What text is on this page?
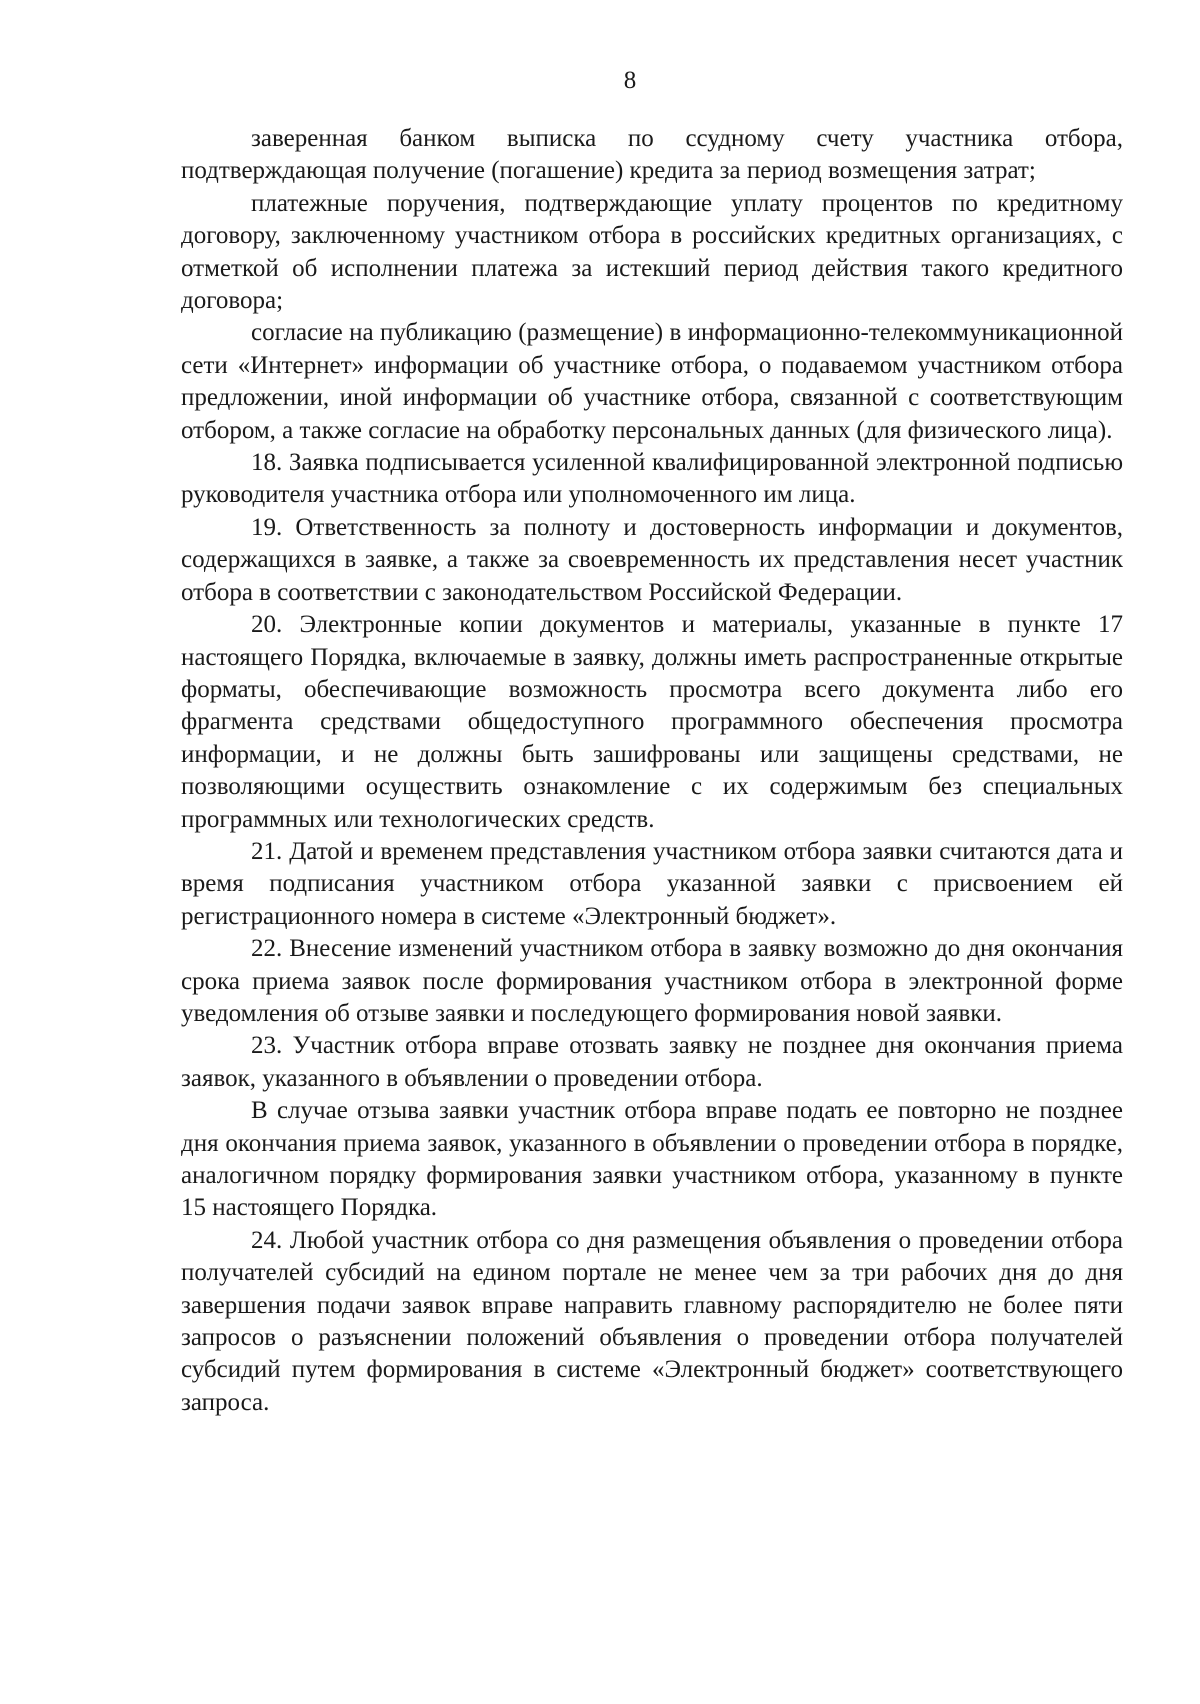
8

заверенная банком выписка по ссудному счету участника отбора, подтверждающая получение (погашение) кредита за период возмещения затрат;

платежные поручения, подтверждающие уплату процентов по кредитному договору, заключенному участником отбора в российских кредитных организациях, с отметкой об исполнении платежа за истекший период действия такого кредитного договора;

согласие на публикацию (размещение) в информационно-телекоммуникационной сети «Интернет» информации об участнике отбора, о подаваемом участником отбора предложении, иной информации об участнике отбора, связанной с соответствующим отбором, а также согласие на обработку персональных данных (для физического лица).

18. Заявка подписывается усиленной квалифицированной электронной подписью руководителя участника отбора или уполномоченного им лица.

19. Ответственность за полноту и достоверность информации и документов, содержащихся в заявке, а также за своевременность их представления несет участник отбора в соответствии с законодательством Российской Федерации.

20. Электронные копии документов и материалы, указанные в пункте 17 настоящего Порядка, включаемые в заявку, должны иметь распространенные открытые форматы, обеспечивающие возможность просмотра всего документа либо его фрагмента средствами общедоступного программного обеспечения просмотра информации, и не должны быть зашифрованы или защищены средствами, не позволяющими осуществить ознакомление с их содержимым без специальных программных или технологических средств.

21. Датой и временем представления участником отбора заявки считаются дата и время подписания участником отбора указанной заявки с присвоением ей регистрационного номера в системе «Электронный бюджет».

22. Внесение изменений участником отбора в заявку возможно до дня окончания срока приема заявок после формирования участником отбора в электронной форме уведомления об отзыве заявки и последующего формирования новой заявки.

23. Участник отбора вправе отозвать заявку не позднее дня окончания приема заявок, указанного в объявлении о проведении отбора.

В случае отзыва заявки участник отбора вправе подать ее повторно не позднее дня окончания приема заявок, указанного в объявлении о проведении отбора в порядке, аналогичном порядку формирования заявки участником отбора, указанному в пункте 15 настоящего Порядка.

24. Любой участник отбора со дня размещения объявления о проведении отбора получателей субсидий на едином портале не менее чем за три рабочих дня до дня завершения подачи заявок вправе направить главному распорядителю не более пяти запросов о разъяснении положений объявления о проведении отбора получателей субсидий путем формирования в системе «Электронный бюджет» соответствующего запроса.
